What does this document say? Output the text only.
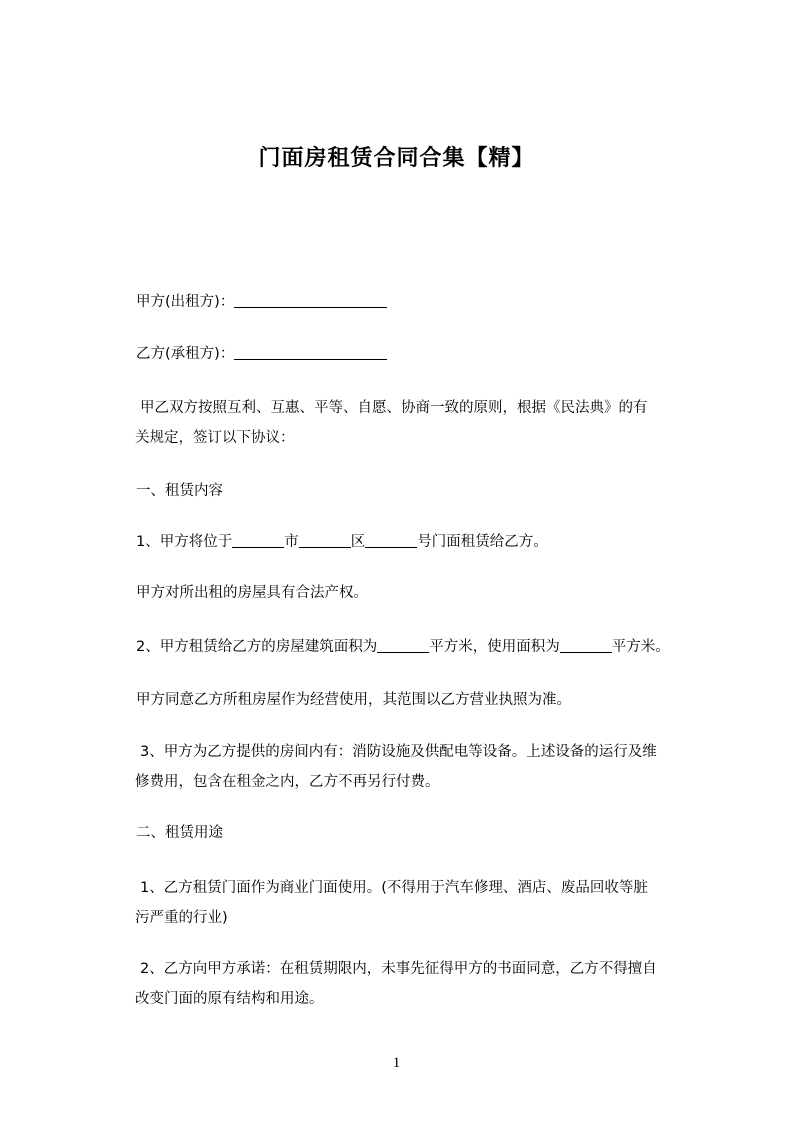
门面房租赁合同合集【精】
甲方(出租方)：
乙方(承租方)：
甲乙双方按照互利、互惠、平等、自愿、协商一致的原则，根据《民法典》的有
关规定，签订以下协议：
一、租赁内容
1、甲方将位于	市	区	号门面租赁给乙方。
甲方对所出租的房屋具有合法产权。
2、甲方租赁给乙方的房屋建筑面积为	平方米，使用面积为	平方米。
甲方同意乙方所租房屋作为经营使用，其范围以乙方营业执照为准。
3、甲方为乙方提供的房间内有：消防设施及供配电等设备。上述设备的运行及维
修费用，包含在租金之内，乙方不再另行付费。
二、租赁用途
1、乙方租赁门面作为商业门面使用。(不得用于汽车修理、酒店、废品回收等脏
污严重的行业)
2、乙方向甲方承诺：在租赁期限内，未事先征得甲方的书面同意，乙方不得擅自
改变门面的原有结构和用途。
1
